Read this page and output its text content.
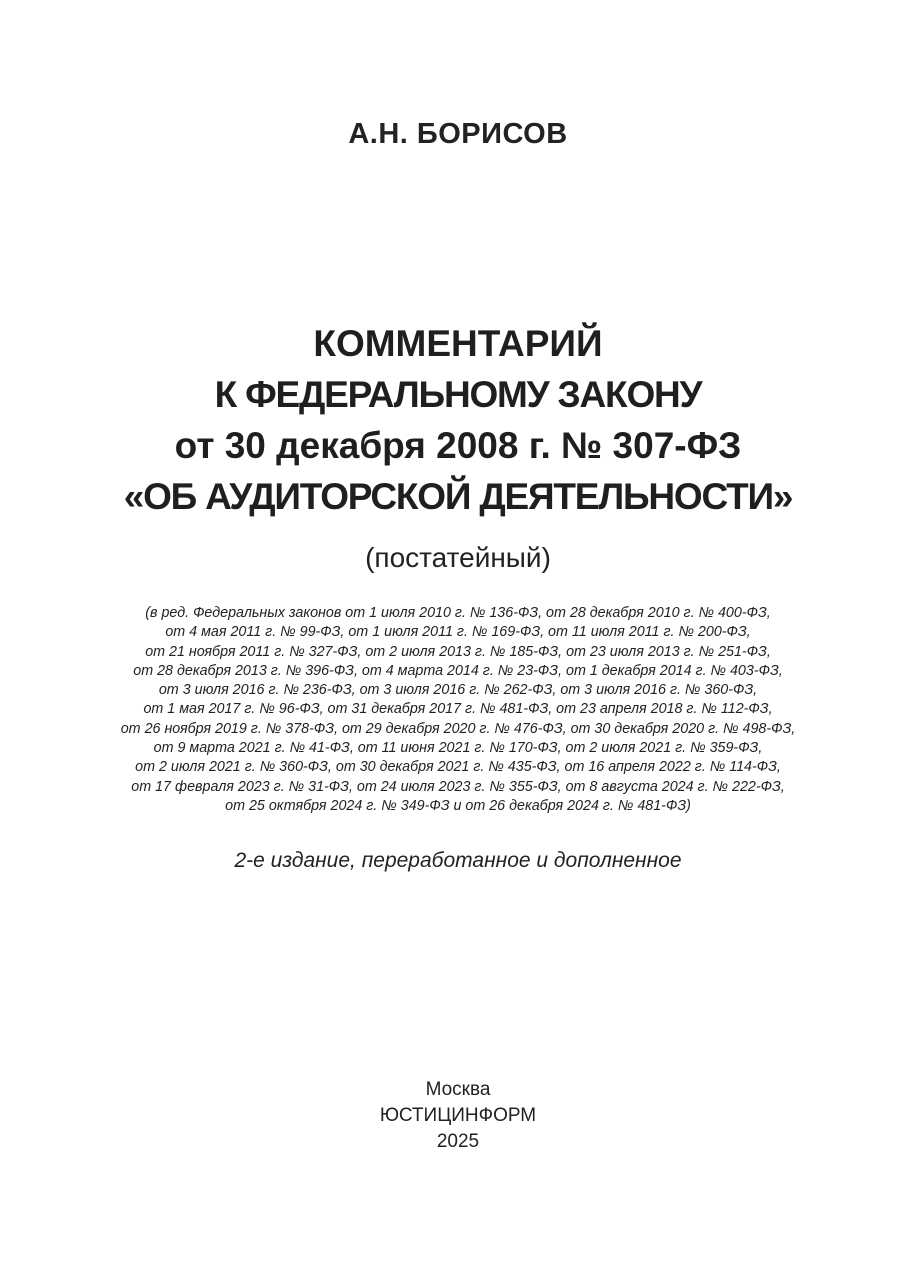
А.Н. БОРИСОВ
КОММЕНТАРИЙ
К ФЕДЕРАЛЬНОМУ ЗАКОНУ
от 30 декабря 2008 г. № 307-ФЗ
«ОБ АУДИТОРСКОЙ ДЕЯТЕЛЬНОСТИ»
(постатейный)
(в ред. Федеральных законов от 1 июля 2010 г. № 136-ФЗ, от 28 декабря 2010 г. № 400-ФЗ,
от 4 мая 2011 г. № 99-ФЗ, от 1 июля 2011 г. № 169-ФЗ, от 11 июля 2011 г. № 200-ФЗ,
от 21 ноября 2011 г. № 327-ФЗ, от 2 июля 2013 г. № 185-ФЗ, от 23 июля 2013 г. № 251-ФЗ,
от 28 декабря 2013 г. № 396-ФЗ, от 4 марта 2014 г. № 23-ФЗ, от 1 декабря 2014 г. № 403-ФЗ,
от 3 июля 2016 г. № 236-ФЗ, от 3 июля 2016 г. № 262-ФЗ, от 3 июля 2016 г. № 360-ФЗ,
от 1 мая 2017 г. № 96-ФЗ, от 31 декабря 2017 г. № 481-ФЗ, от 23 апреля 2018 г. № 112-ФЗ,
от 26 ноября 2019 г. № 378-ФЗ, от 29 декабря 2020 г. № 476-ФЗ, от 30 декабря 2020 г. № 498-ФЗ,
от 9 марта 2021 г. № 41-ФЗ, от 11 июня 2021 г. № 170-ФЗ, от 2 июля 2021 г. № 359-ФЗ,
от 2 июля 2021 г. № 360-ФЗ, от 30 декабря 2021 г. № 435-ФЗ, от 16 апреля 2022 г. № 114-ФЗ,
от 17 февраля 2023 г. № 31-ФЗ, от 24 июля 2023 г. № 355-ФЗ, от 8 августа 2024 г. № 222-ФЗ,
от 25 октября 2024 г. № 349-ФЗ и от 26 декабря 2024 г. № 481-ФЗ)
2-е издание, переработанное и дополненное
Москва
ЮСТИЦИНФОРМ
2025
